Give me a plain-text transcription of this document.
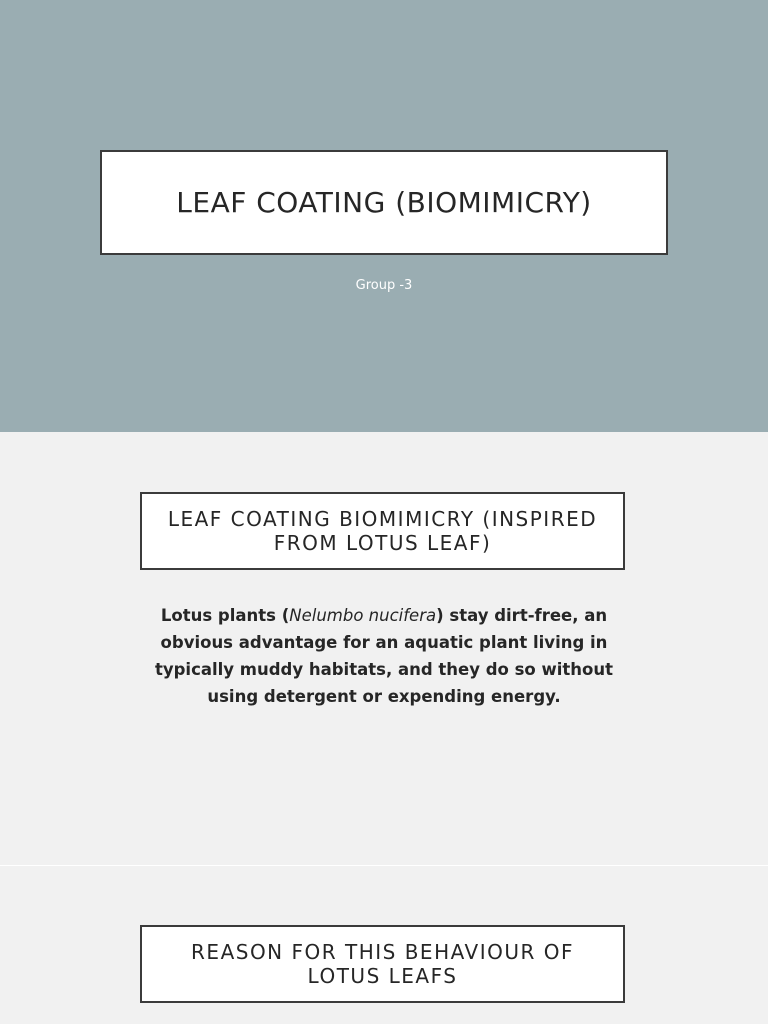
LEAF COATING (BIOMIMICRY)
Group -3
LEAF COATING BIOMIMICRY (INSPIRED FROM LOTUS LEAF)

Lotus plants (Nelumbo nucifera) stay dirt-free, an obvious advantage for an aquatic plant living in typically muddy habitats, and they do so without using detergent or expending energy.

REASON FOR THIS BEHAVIOUR OF LOTUS LEAFS
